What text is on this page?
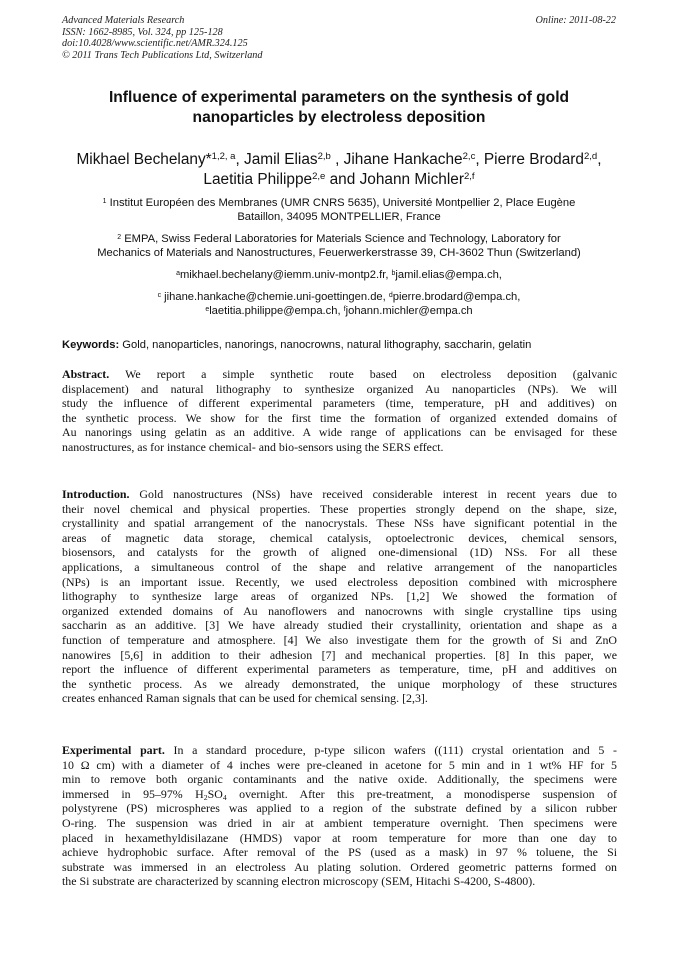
Advanced Materials Research
ISSN: 1662-8985, Vol. 324, pp 125-128
doi:10.4028/www.scientific.net/AMR.324.125
© 2011 Trans Tech Publications Ltd, Switzerland
Online: 2011-08-22
Influence of experimental parameters on the synthesis of gold
nanoparticles by electroless deposition
Mikhael Bechelany*$^{1,2, a}$, Jamil Elias$^{2,b}$ , Jihane Hankache$^{2,c}$, Pierre Brodard$^{2,d}$,
Laetitia Philippe$^{2,e}$ and Johann Michler$^{2,f}$
$^1$ Institut Européen des Membranes (UMR CNRS 5635), Université Montpellier 2, Place Eugène
Bataillon, 34095 MONTPELLIER, France
$^2$ EMPA, Swiss Federal Laboratories for Materials Science and Technology, Laboratory for
Mechanics of Materials and Nanostructures, Feuerwerkerstrasse 39, CH-3602 Thun (Switzerland)
$^a$mikhael.bechelany@iemm.univ-montp2.fr, $^b$jamil.elias@empa.ch,
$^c$ jihane.hankache@chemie.uni-goettingen.de, $^d$pierre.brodard@empa.ch,
$^e$laetitia.philippe@empa.ch, $^f$johann.michler@empa.ch
Keywords: Gold, nanoparticles, nanorings, nanocrowns, natural lithography, saccharin, gelatin
Abstract. We report a simple synthetic route based on electroless deposition (galvanic
displacement) and natural lithography to synthesize organized Au nanoparticles (NPs). We will
study the influence of different experimental parameters (time, temperature, pH and additives) on
the synthetic process. We show for the first time the formation of organized extended domains of
Au nanorings using gelatin as an additive. A wide range of applications can be envisaged for these
nanostructures, as for instance chemical- and bio-sensors using the SERS effect.
Introduction. Gold nanostructures (NSs) have received considerable interest in recent years due to
their novel chemical and physical properties. These properties strongly depend on the shape, size,
crystallinity and spatial arrangement of the nanocrystals. These NSs have significant potential in the
areas of magnetic data storage, chemical catalysis, optoelectronic devices, chemical sensors,
biosensors, and catalysts for the growth of aligned one-dimensional (1D) NSs. For all these
applications, a simultaneous control of the shape and relative arrangement of the nanoparticles
(NPs) is an important issue. Recently, we used electroless deposition combined with microsphere
lithography to synthesize large areas of organized NPs. [1,2] We showed the formation of
organized extended domains of Au nanoflowers and nanocrowns with single crystalline tips using
saccharin as an additive. [3] We have already studied their crystallinity, orientation and shape as a
function of temperature and atmosphere. [4] We also investigate them for the growth of Si and ZnO
nanowires [5,6] in addition to their adhesion [7] and mechanical properties. [8] In this paper, we
report the influence of different experimental parameters as temperature, time, pH and additives on
the synthetic process. As we already demonstrated, the unique morphology of these structures
creates enhanced Raman signals that can be used for chemical sensing. [2,3].
Experimental part. In a standard procedure, p-type silicon wafers ((111) crystal orientation and 5 -
10 Ω cm) with a diameter of 4 inches were pre-cleaned in acetone for 5 min and in 1 wt% HF for 5
min to remove both organic contaminants and the native oxide. Additionally, the specimens were
immersed in 95–97% $H_2SO_4$ overnight. After this pre-treatment, a monodisperse suspension of
polystyrene (PS) microspheres was applied to a region of the substrate defined by a silicon rubber
O-ring. The suspension was dried in air at ambient temperature overnight. Then specimens were
placed in hexamethyldisilazane (HMDS) vapor at room temperature for more than one day to
achieve hydrophobic surface. After removal of the PS (used as a mask) in 97 % toluene, the Si
substrate was immersed in an electroless Au plating solution. Ordered geometric patterns formed on
the Si substrate are characterized by scanning electron microscopy (SEM, Hitachi S-4200, S-4800).
